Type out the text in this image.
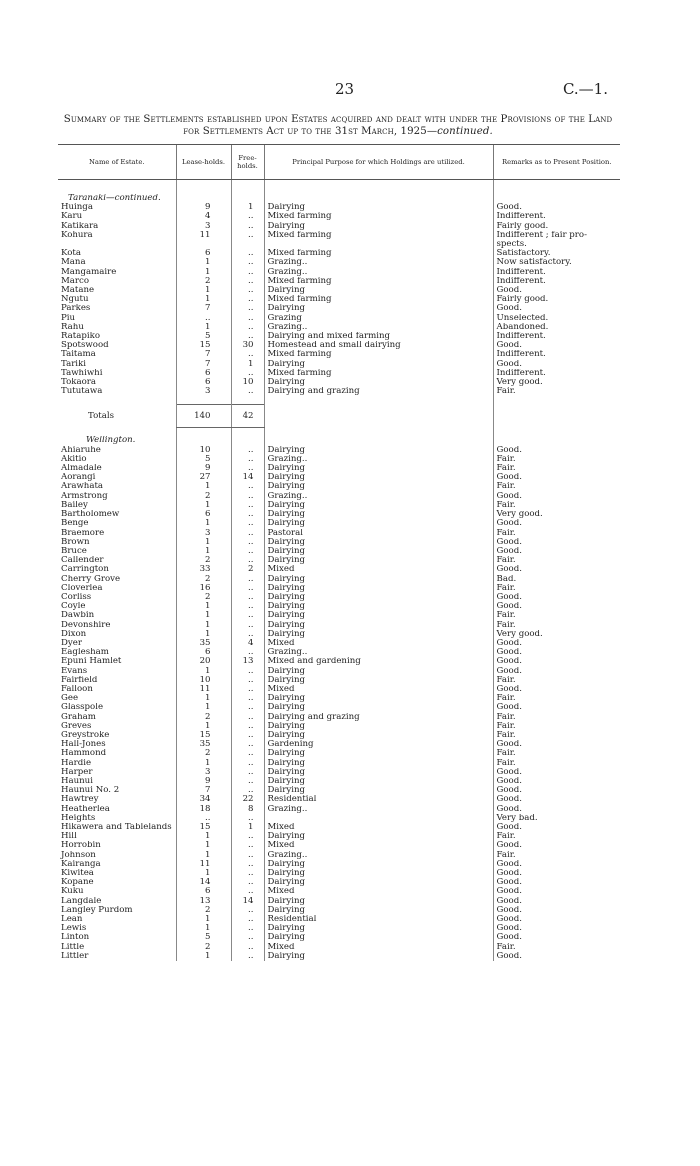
23	C.—1.
Summary of the Settlements established upon Estates acquired and dealt with under the Provisions of the Land for Settlements Act up to the 31st March, 1925—continued.
Name of Estate.	Lease-holds.	Free-holds.	Principal Purpose for which Holdings are utilized.	Remarks as to Present Position.

Taranaki—continued.				
Huinga	9	1	Dairying	Good.
Karu	4	..	Mixed farming	Indifferent.
Katikara	3	..	Dairying	Fairly good.
Kohura	11	..	Mixed farming	Indifferent ; fair pro-
				spects.
Kota	6	..	Mixed farming	Satisfactory.
Mana	1	..	Grazing..	Now satisfactory.
Mangamaire	1	..	Grazing..	Indifferent.
Marco	2	..	Mixed farming	Indifferent.
Matane	1	..	Dairying	Good.
Ngutu	1	..	Mixed farming	Fairly good.
Parkes	7	..	Dairying	Good.
Piu	..	..	Grazing	Unselected.
Rahu	1	..	Grazing..	Abandoned.
Ratapiko	5	..	Dairying and mixed farming	Indifferent.
Spotswood	15	30	Homestead and small dairying	Good.
Taitama	7	..	Mixed farming	Indifferent.
Tariki	7	1	Dairying	Good.
Tawhiwhi	6	..	Mixed farming	Indifferent.
Tokaora	6	10	Dairying	Very good.
Tututawa	3	..	Dairying and grazing	Fair.

Totals	140	42		

Wellington.				
Ahiaruhe	10	..	Dairying	Good.
Akitio	5	..	Grazing..	Fair.
Almadale	9	..	Dairying	Fair.
Aorangi	27	14	Dairying	Good.
Arawhata	1	..	Dairying	Fair.
Armstrong	2	..	Grazing..	Good.
Bailey	1	..	Dairying	Fair.
Bartholomew	6	..	Dairying	Very good.
Benge	1	..	Dairying	Good.
Braemore	3	..	Pastoral	Fair.
Brown	1	..	Dairying	Good.
Bruce	1	..	Dairying	Good.
Callender	2	..	Dairying	Fair.
Carrington	33	2	Mixed	Good.
Cherry Grove	2	..	Dairying	Bad.
Cloverlea	16	..	Dairying	Fair.
Corliss	2	..	Dairying	Good.
Coyle	1	..	Dairying	Good.
Dawbin	1	..	Dairying	Fair.
Devonshire	1	..	Dairying	Fair.
Dixon	1	..	Dairying	Very good.
Dyer	35	4	Mixed	Good.
Eaglesham	6	..	Grazing..	Good.
Epuni Hamlet	20	13	Mixed and gardening	Good.
Evans	1	..	Dairying	Good.
Fairfield	10	..	Dairying	Fair.
Falloon	11	..	Mixed	Good.
Gee	1	..	Dairying	Fair.
Glasspole	1	..	Dairying	Good.
Graham	2	..	Dairying and grazing	Fair.
Greves	1	..	Dairying	Fair.
Greystroke	15	..	Dairying	Fair.
Hall-Jones	35	..	Gardening	Good.
Hammond	2	..	Dairying	Fair.
Hardie	1	..	Dairying	Fair.
Harper	3	..	Dairying	Good.
Haunui	9	..	Dairying	Good.
Haunui No. 2	7	..	Dairying	Good.
Hawtrey	34	22	Residential	Good.
Heatherlea	18	8	Grazing..	Good.
Heights	..	..		Very bad.
Hikawera and Tablelands	15	1	Mixed	Good.
Hill	1	..	Dairying	Fair.
Horrobin	1	..	Mixed	Good.
Johnson	1	..	Grazing..	Fair.
Kairanga	11	..	Dairying	Good.
Kiwitea	1	..	Dairying	Good.
Kopane	14	..	Dairying	Good.
Kuku	6	..	Mixed	Good.
Langdale	13	14	Dairying	Good.
Langley Purdom	2	..	Dairying	Good.
Lean	1	..	Residential	Good.
Lewis	1	..	Dairying	Good.
Linton	5	..	Dairying	Good.
Little	2	..	Mixed	Fair.
Littler	1	..	Dairying	Good.
